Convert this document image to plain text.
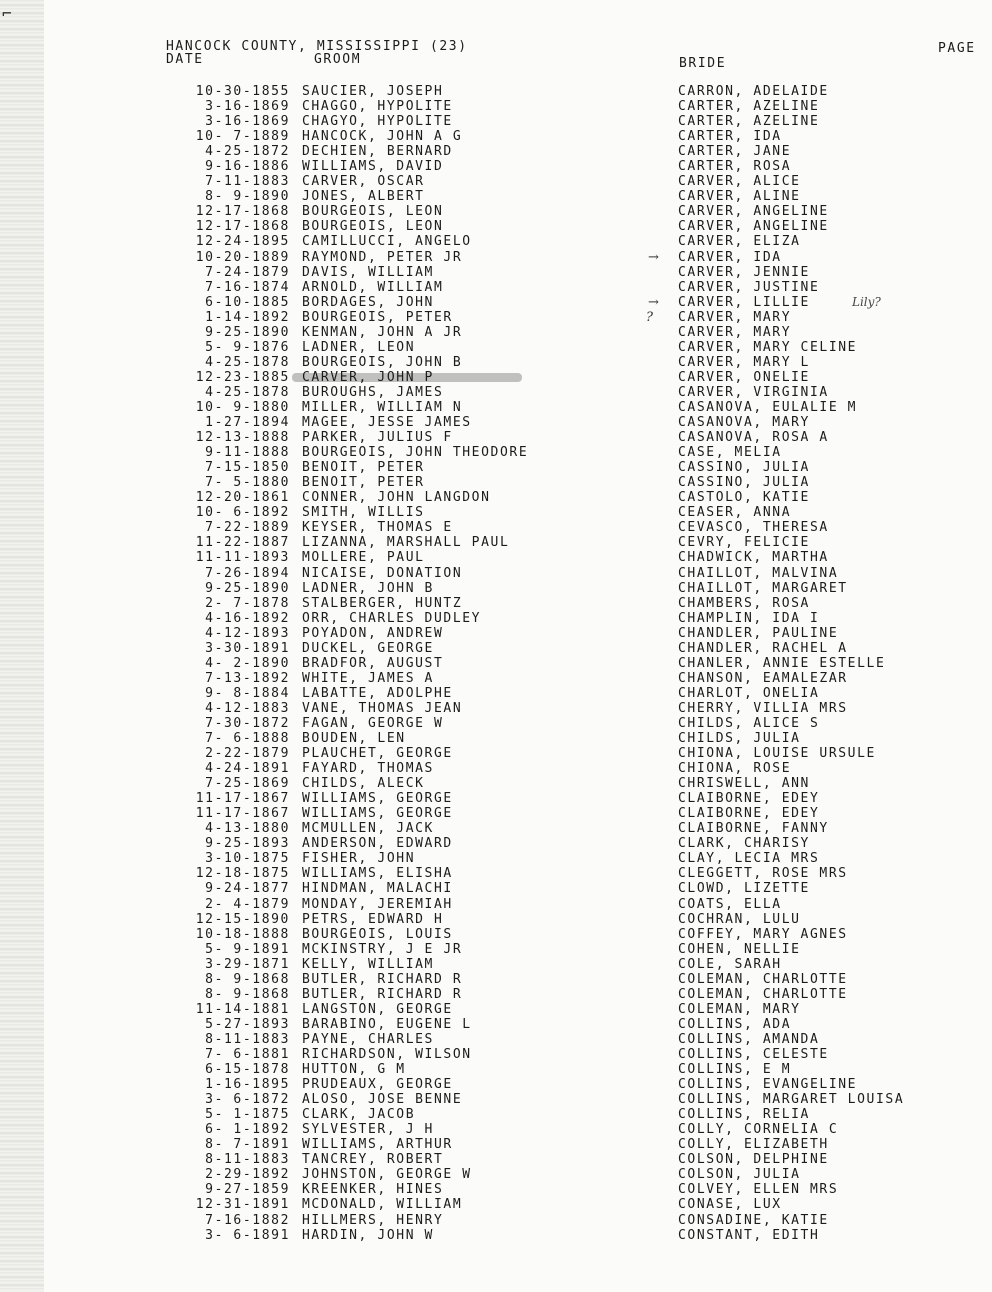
⌐
HANCOCK COUNTY, MISSISSIPPI (23)	PAGE
DATE	GROOM	BRIDE
10-30-1855 SAUCIER, JOSEPH	CARRON, ADELAIDE
3-16-1869 CHAGGO, HYPOLITE	CARTER, AZELINE
3-16-1869 CHAGYO, HYPOLITE	CARTER, AZELINE
10- 7-1889 HANCOCK, JOHN A G	CARTER, IDA
4-25-1872 DECHIEN, BERNARD	CARTER, JANE
9-16-1886 WILLIAMS, DAVID	CARTER, ROSA
7-11-1883 CARVER, OSCAR	CARVER, ALICE
8- 9-1890 JONES, ALBERT	CARVER, ALINE
12-17-1868 BOURGEOIS, LEON	CARVER, ANGELINE
12-17-1868 BOURGEOIS, LEON	CARVER, ANGELINE
12-24-1895 CAMILLUCCI, ANGELO	CARVER, ELIZA
10-20-1889 RAYMOND, PETER JR	CARVER, IDA
→
7-24-1879 DAVIS, WILLIAM	CARVER, JENNIE
7-16-1874 ARNOLD, WILLIAM	CARVER, JUSTINE
6-10-1885 BORDAGES, JOHN	CARVER, LILLIE
→	Lily?
1-14-1892 BOURGEOIS, PETER	CARVER, MARY
?
9-25-1890 KENMAN, JOHN A JR	CARVER, MARY
5- 9-1876 LADNER, LEON	CARVER, MARY CELINE
4-25-1878 BOURGEOIS, JOHN B	CARVER, MARY L
12-23-1885 CARVER, JOHN P	CARVER, ONELIE
4-25-1878 BUROUGHS, JAMES	CARVER, VIRGINIA
10- 9-1880 MILLER, WILLIAM N	CASANOVA, EULALIE M
1-27-1894 MAGEE, JESSE JAMES	CASANOVA, MARY
12-13-1888 PARKER, JULIUS F	CASANOVA, ROSA A
9-11-1888 BOURGEOIS, JOHN THEODORE	CASE, MELIA
7-15-1850 BENOIT, PETER	CASSINO, JULIA
7- 5-1880 BENOIT, PETER	CASSINO, JULIA
12-20-1861 CONNER, JOHN LANGDON	CASTOLO, KATIE
10- 6-1892 SMITH, WILLIS	CEASER, ANNA
7-22-1889 KEYSER, THOMAS E	CEVASCO, THERESA
11-22-1887 LIZANNA, MARSHALL PAUL	CEVRY, FELICIE
11-11-1893 MOLLERE, PAUL	CHADWICK, MARTHA
7-26-1894 NICAISE, DONATION	CHAILLOT, MALVINA
9-25-1890 LADNER, JOHN B	CHAILLOT, MARGARET
2- 7-1878 STALBERGER, HUNTZ	CHAMBERS, ROSA
4-16-1892 ORR, CHARLES DUDLEY	CHAMPLIN, IDA I
4-12-1893 POYADON, ANDREW	CHANDLER, PAULINE
3-30-1891 DUCKEL, GEORGE	CHANDLER, RACHEL A
4- 2-1890 BRADFOR, AUGUST	CHANLER, ANNIE ESTELLE
7-13-1892 WHITE, JAMES A	CHANSON, EAMALEZAR
9- 8-1884 LABATTE, ADOLPHE	CHARLOT, ONELIA
4-12-1883 VANE, THOMAS JEAN	CHERRY, VILLIA MRS
7-30-1872 FAGAN, GEORGE W	CHILDS, ALICE S
7- 6-1888 BOUDEN, LEN	CHILDS, JULIA
2-22-1879 PLAUCHET, GEORGE	CHIONA, LOUISE URSULE
4-24-1891 FAYARD, THOMAS	CHIONA, ROSE
7-25-1869 CHILDS, ALECK	CHRISWELL, ANN
11-17-1867 WILLIAMS, GEORGE	CLAIBORNE, EDEY
11-17-1867 WILLIAMS, GEORGE	CLAIBORNE, EDEY
4-13-1880 MCMULLEN, JACK	CLAIBORNE, FANNY
9-25-1893 ANDERSON, EDWARD	CLARK, CHARISY
3-10-1875 FISHER, JOHN	CLAY, LECIA MRS
12-18-1875 WILLIAMS, ELISHA	CLEGGETT, ROSE MRS
9-24-1877 HINDMAN, MALACHI	CLOWD, LIZETTE
2- 4-1879 MONDAY, JEREMIAH	COATS, ELLA
12-15-1890 PETRS, EDWARD H	COCHRAN, LULU
10-18-1888 BOURGEOIS, LOUIS	COFFEY, MARY AGNES
5- 9-1891 MCKINSTRY, J E JR	COHEN, NELLIE
3-29-1871 KELLY, WILLIAM	COLE, SARAH
8- 9-1868 BUTLER, RICHARD R	COLEMAN, CHARLOTTE
8- 9-1868 BUTLER, RICHARD R	COLEMAN, CHARLOTTE
11-14-1881 LANGSTON, GEORGE	COLEMAN, MARY
5-27-1893 BARABINO, EUGENE L	COLLINS, ADA
8-11-1883 PAYNE, CHARLES	COLLINS, AMANDA
7- 6-1881 RICHARDSON, WILSON	COLLINS, CELESTE
6-15-1878 HUTTON, G M	COLLINS, E M
1-16-1895 PRUDEAUX, GEORGE	COLLINS, EVANGELINE
3- 6-1872 ALOSO, JOSE BENNE	COLLINS, MARGARET LOUISA
5- 1-1875 CLARK, JACOB	COLLINS, RELIA
6- 1-1892 SYLVESTER, J H	COLLY, CORNELIA C
8- 7-1891 WILLIAMS, ARTHUR	COLLY, ELIZABETH
8-11-1883 TANCREY, ROBERT	COLSON, DELPHINE
2-29-1892 JOHNSTON, GEORGE W	COLSON, JULIA
9-27-1859 KREENKER, HINES	COLVEY, ELLEN MRS
12-31-1891 MCDONALD, WILLIAM	CONASE, LUX
7-16-1882 HILLMERS, HENRY	CONSADINE, KATIE
3- 6-1891 HARDIN, JOHN W	CONSTANT, EDITH
